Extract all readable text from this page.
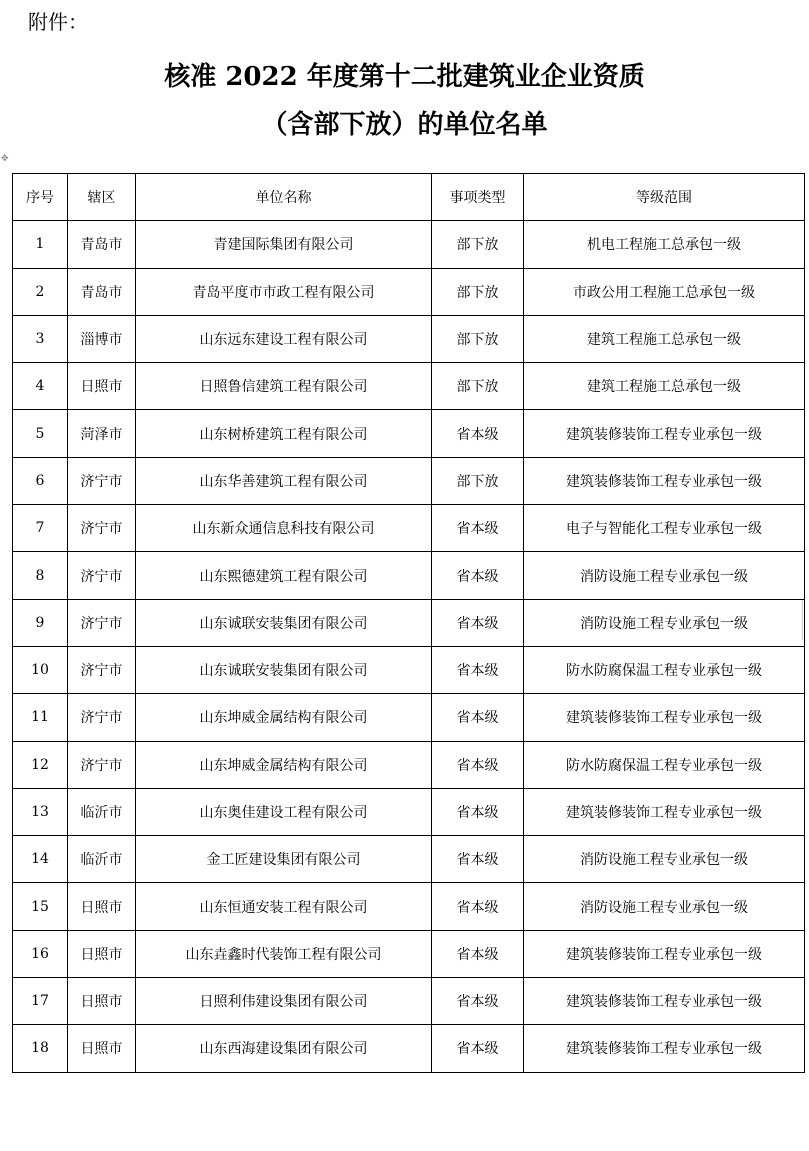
附件：
核准 2022 年度第十二批建筑业企业资质
（含部下放）的单位名单
✥
序号	辖区	单位名称	事项类型	等级范围
1	青岛市	青建国际集团有限公司	部下放	机电工程施工总承包一级
2	青岛市	青岛平度市市政工程有限公司	部下放	市政公用工程施工总承包一级
3	淄博市	山东远东建设工程有限公司	部下放	建筑工程施工总承包一级
4	日照市	日照鲁信建筑工程有限公司	部下放	建筑工程施工总承包一级
5	菏泽市	山东树桥建筑工程有限公司	省本级	建筑装修装饰工程专业承包一级
6	济宁市	山东华善建筑工程有限公司	部下放	建筑装修装饰工程专业承包一级
7	济宁市	山东新众通信息科技有限公司	省本级	电子与智能化工程专业承包一级
8	济宁市	山东熙德建筑工程有限公司	省本级	消防设施工程专业承包一级
9	济宁市	山东诚联安装集团有限公司	省本级	消防设施工程专业承包一级
10	济宁市	山东诚联安装集团有限公司	省本级	防水防腐保温工程专业承包一级
11	济宁市	山东坤威金属结构有限公司	省本级	建筑装修装饰工程专业承包一级
12	济宁市	山东坤威金属结构有限公司	省本级	防水防腐保温工程专业承包一级
13	临沂市	山东奥佳建设工程有限公司	省本级	建筑装修装饰工程专业承包一级
14	临沂市	金工匠建设集团有限公司	省本级	消防设施工程专业承包一级
15	日照市	山东恒通安装工程有限公司	省本级	消防设施工程专业承包一级
16	日照市	山东垚鑫时代装饰工程有限公司	省本级	建筑装修装饰工程专业承包一级
17	日照市	日照利伟建设集团有限公司	省本级	建筑装修装饰工程专业承包一级
18	日照市	山东西海建设集团有限公司	省本级	建筑装修装饰工程专业承包一级
